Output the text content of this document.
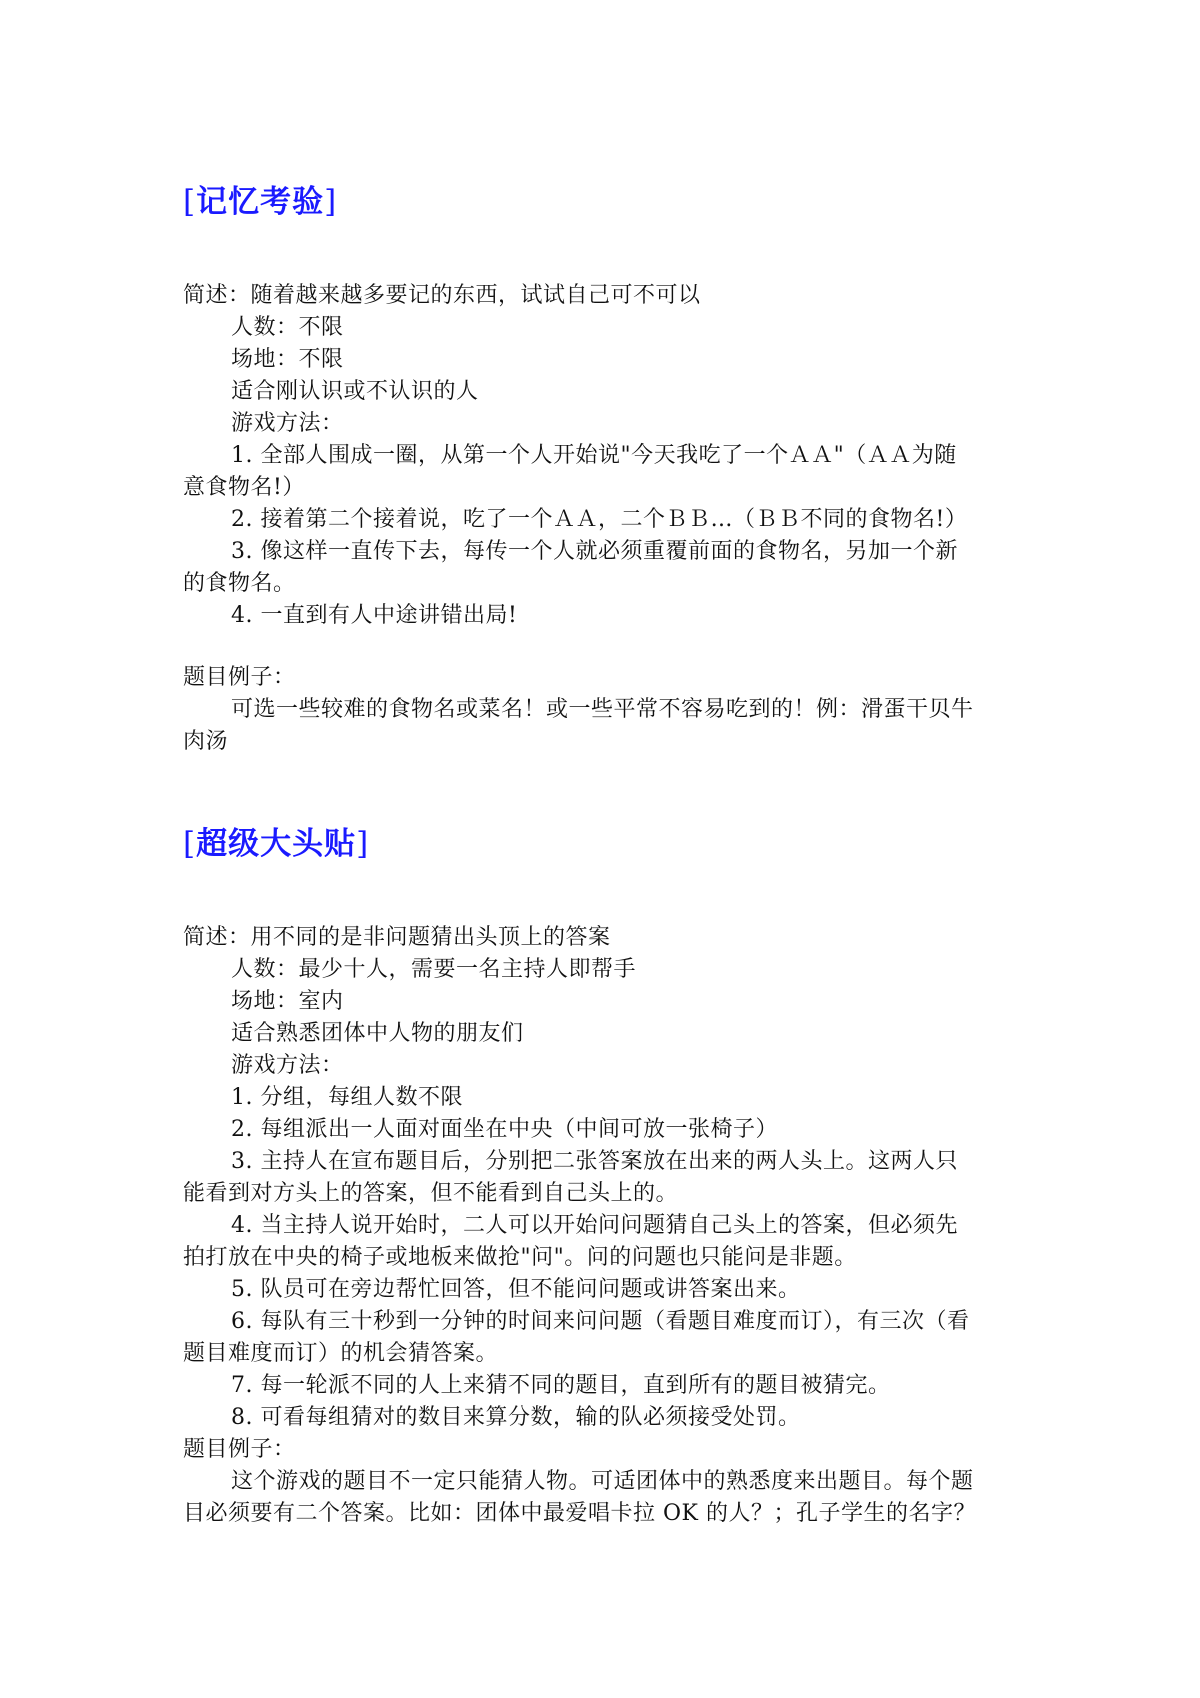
[记忆考验]
简述：随着越来越多要记的东西，试试自己可不可以
人数：不限
场地：不限
适合刚认识或不认识的人
游戏方法：
1. 全部人围成一圈，从第一个人开始说"今天我吃了一个ＡＡ"（ＡＡ为随
意食物名!）
2. 接着第二个接着说，吃了一个ＡＡ，二个ＢＢ…（ＢＢ不同的食物名!）
3. 像这样一直传下去，每传一个人就必须重覆前面的食物名，另加一个新
的食物名。
4. 一直到有人中途讲错出局!
题目例子：
可选一些较难的食物名或菜名！或一些平常不容易吃到的！例：滑蛋干贝牛
肉汤
[超级大头贴]
简述：用不同的是非问题猜出头顶上的答案
人数：最少十人，需要一名主持人即帮手
场地：室内
适合熟悉团体中人物的朋友们
游戏方法：
1. 分组，每组人数不限
2. 每组派出一人面对面坐在中央（中间可放一张椅子）
3. 主持人在宣布题目后，分别把二张答案放在出来的两人头上。这两人只
能看到对方头上的答案，但不能看到自己头上的。
4. 当主持人说开始时，二人可以开始问问题猜自己头上的答案，但必须先
拍打放在中央的椅子或地板来做抢"问"。问的问题也只能问是非题。
5. 队员可在旁边帮忙回答，但不能问问题或讲答案出来。
6. 每队有三十秒到一分钟的时间来问问题（看题目难度而订），有三次（看
题目难度而订）的机会猜答案。
7. 每一轮派不同的人上来猜不同的题目，直到所有的题目被猜完。
8. 可看每组猜对的数目来算分数，输的队必须接受处罚。
题目例子：
这个游戏的题目不一定只能猜人物。可适团体中的熟悉度来出题目。每个题
目必须要有二个答案。比如：团体中最爱唱卡拉 OK 的人？；孔子学生的名字？
